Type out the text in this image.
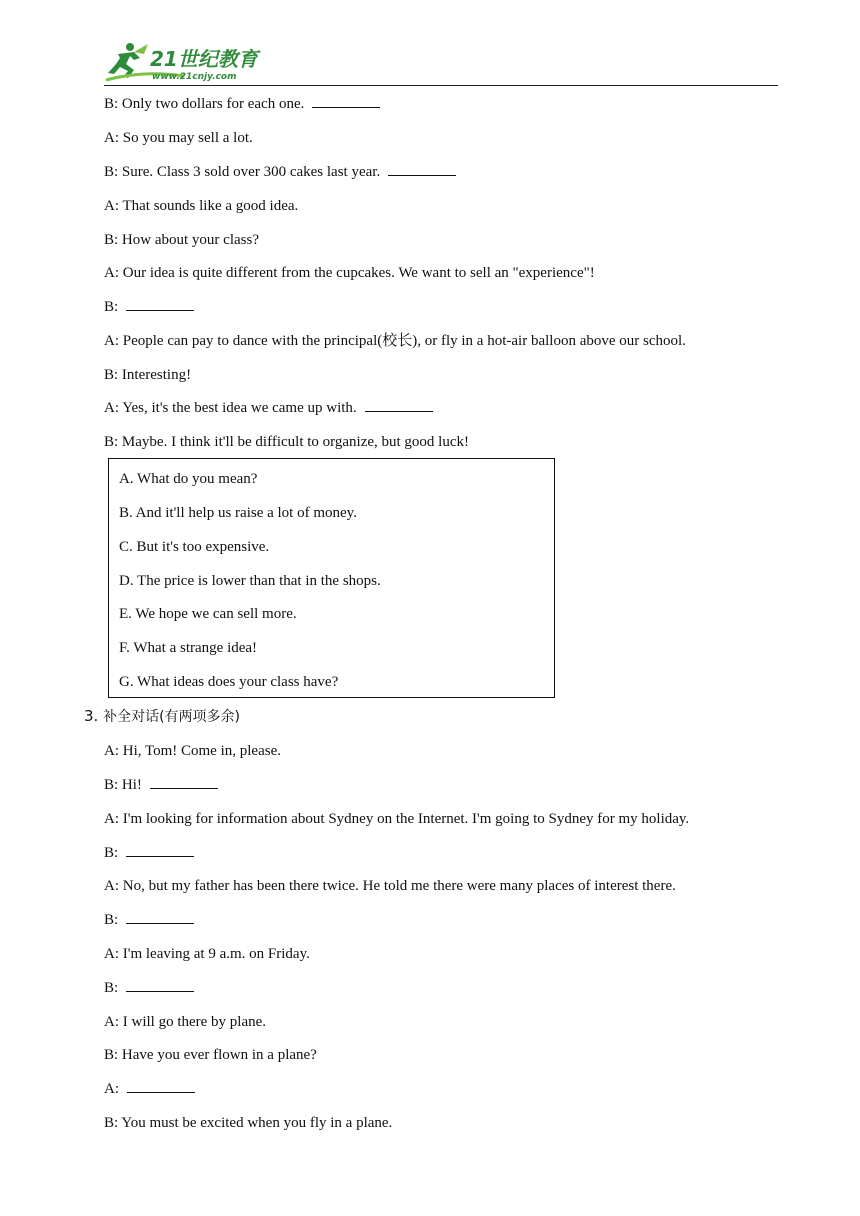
21世纪教育
www.21cnjy.com
B: Only two dollars for each one.
A: So you may sell a lot.
B: Sure. Class 3 sold over 300 cakes last year.
A: That sounds like a good idea.
B: How about your class?
A: Our idea is quite different from the cupcakes. We want to sell an "experience"!
B:
A: People can pay to dance with the principal(校长), or fly in a hot-air balloon above our school.
B: Interesting!
A: Yes, it's the best idea we came up with.
B: Maybe. I think it'll be difficult to organize, but good luck!
A. What do you mean?
B. And it'll help us raise a lot of money.
C. But it's too expensive.
D. The price is lower than that in the shops.
E. We hope we can sell more.
F. What a strange idea!
G. What ideas does your class have?
3. 补全对话(有两项多余)
A: Hi, Tom! Come in, please.
B: Hi!
A: I'm looking for information about Sydney on the Internet. I'm going to Sydney for my holiday.
B:
A: No, but my father has been there twice. He told me there were many places of interest there.
B:
A: I'm leaving at 9 a.m. on Friday.
B:
A: I will go there by plane.
B: Have you ever flown in a plane?
A:
B: You must be excited when you fly in a plane.
